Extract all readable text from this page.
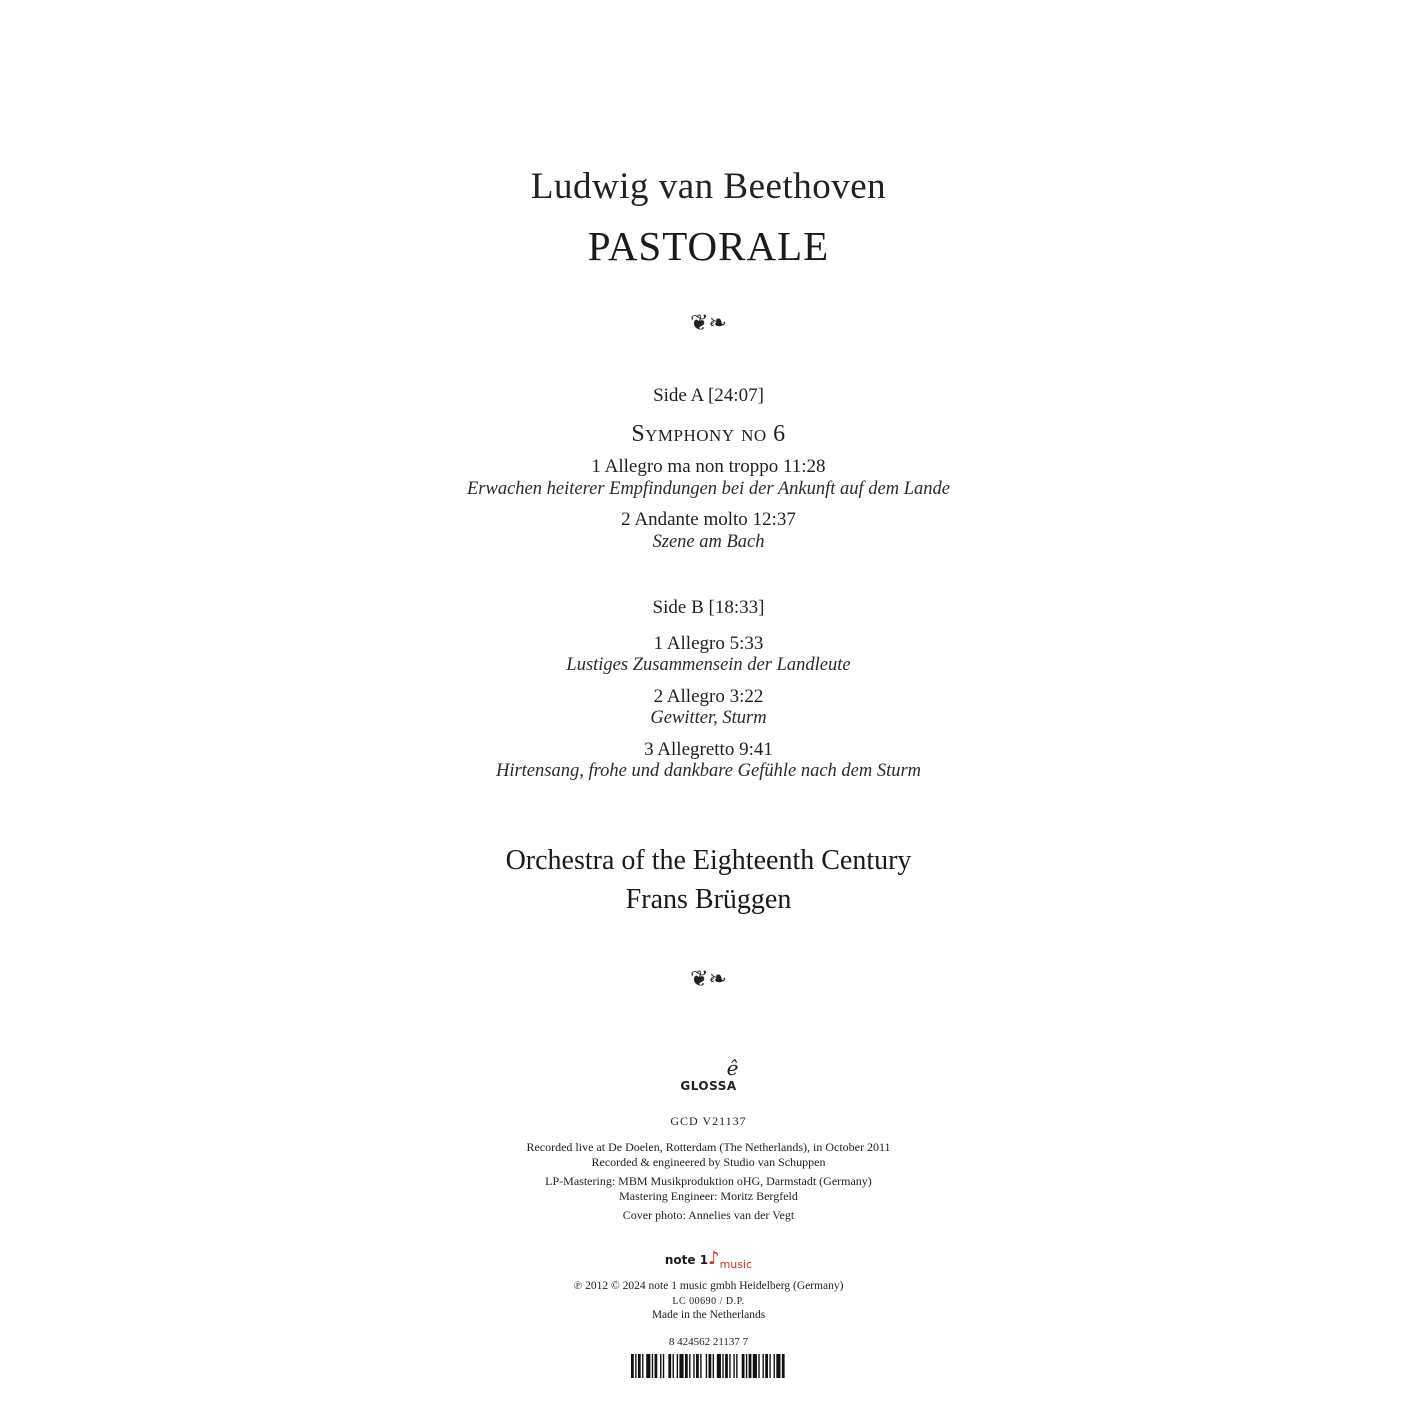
Ludwig van Beethoven
PASTORALE
❦❧
Side A [24:07]
Symphony no 6
1 Allegro ma non troppo 11:28
Erwachen heiterer Empfindungen bei der Ankunft auf dem Lande
2 Andante molto 12:37
Szene am Bach
Side B [18:33]
1 Allegro 5:33
Lustiges Zusammensein der Landleute
2 Allegro 3:22
Gewitter, Sturm
3 Allegretto 9:41
Hirtensang, frohe und dankbare Gefühle nach dem Sturm
Orchestra of the Eighteenth Century
Frans Brüggen
❦❧
ê
GLOSSA
GCD V21137
Recorded live at De Doelen, Rotterdam (The Netherlands), in October 2011
Recorded & engineered by Studio van Schuppen
LP-Mastering: MBM Musikproduktion oHG, Darmstadt (Germany)
Mastering Engineer: Moritz Bergfeld
Cover photo: Annelies van der Vegt
note $1♪_{music}$
℗ 2012 © 2024 note 1 music gmbh Heidelberg (Germany)
LC 00690 / D.P.
Made in the Netherlands
8 424562 21137 7
